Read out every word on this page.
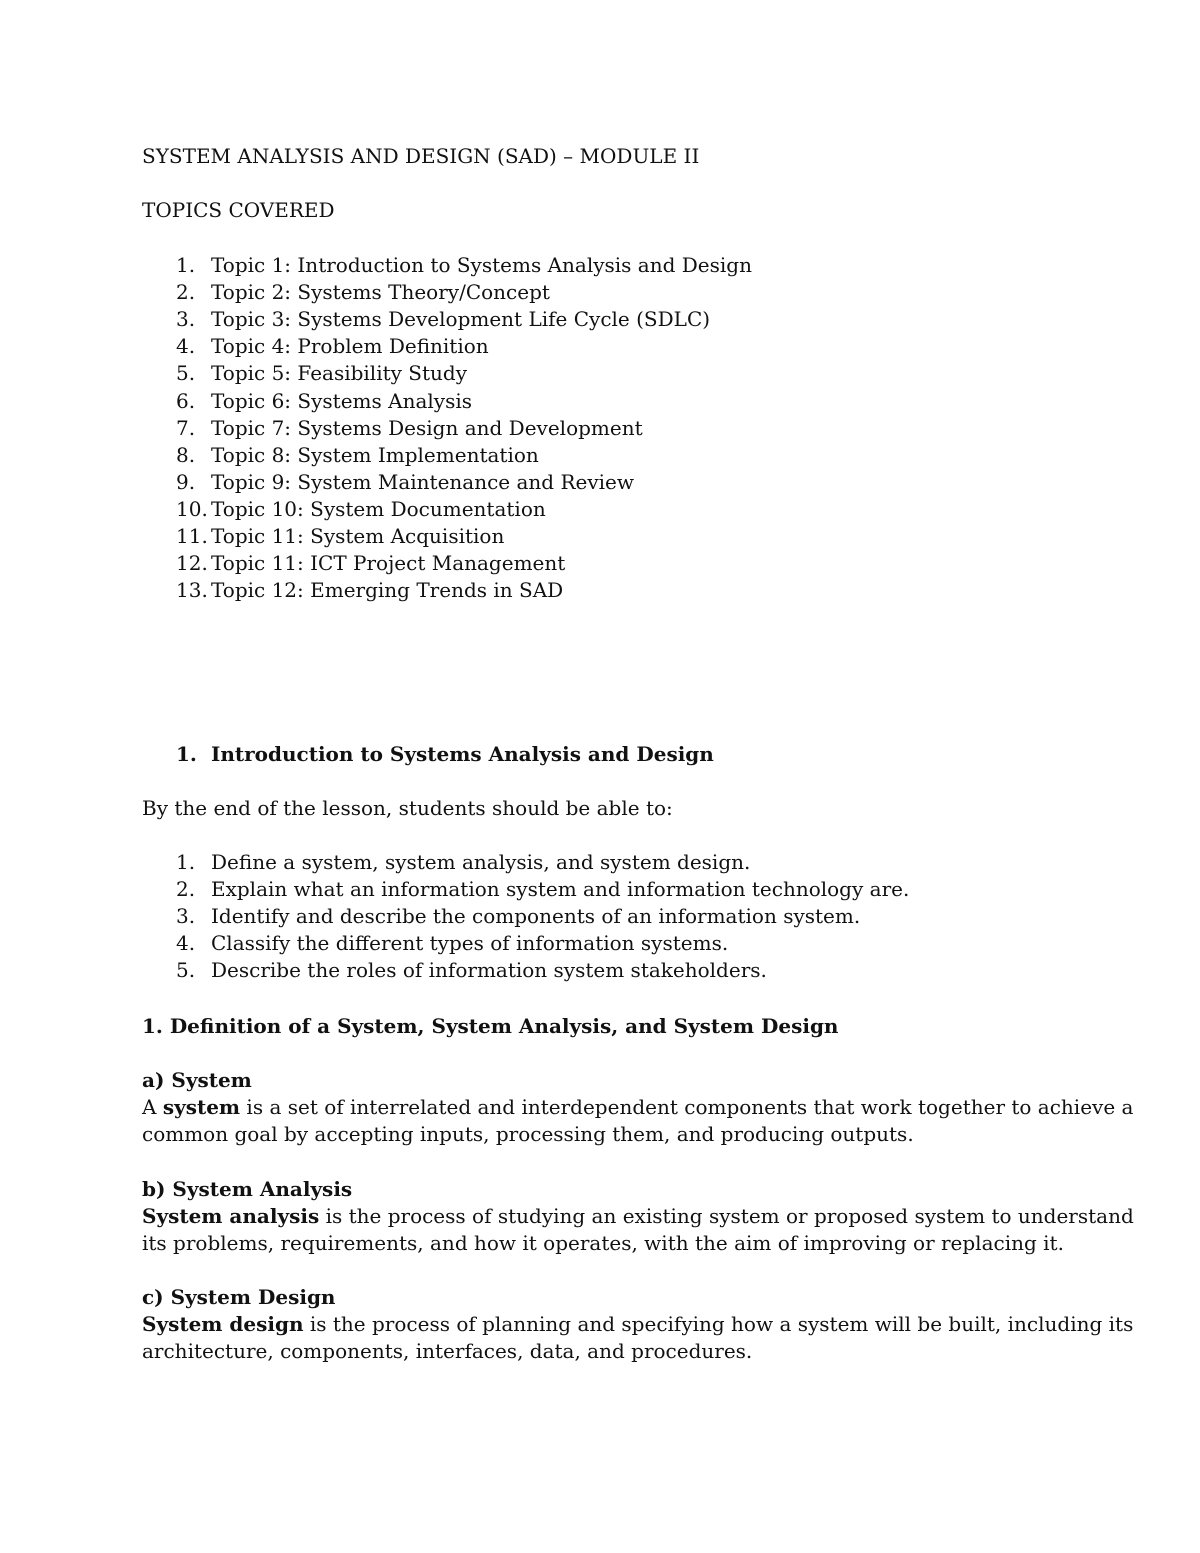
SYSTEM ANALYSIS AND DESIGN (SAD) – MODULE II
TOPICS COVERED
1. Topic 1: Introduction to Systems Analysis and Design
2. Topic 2: Systems Theory/Concept
3. Topic 3: Systems Development Life Cycle (SDLC)
4. Topic 4: Problem Definition
5. Topic 5: Feasibility Study
6. Topic 6: Systems Analysis
7. Topic 7: Systems Design and Development
8. Topic 8: System Implementation
9. Topic 9: System Maintenance and Review
10. Topic 10: System Documentation
11. Topic 11: System Acquisition
12. Topic 11: ICT Project Management
13. Topic 12: Emerging Trends in SAD
1. Introduction to Systems Analysis and Design
By the end of the lesson, students should be able to:
1. Define a system, system analysis, and system design.
2. Explain what an information system and information technology are.
3. Identify and describe the components of an information system.
4. Classify the different types of information systems.
5. Describe the roles of information system stakeholders.
1. Definition of a System, System Analysis, and System Design
a) System
A system is a set of interrelated and interdependent components that work together to achieve a
common goal by accepting inputs, processing them, and producing outputs.
b) System Analysis
System analysis is the process of studying an existing system or proposed system to understand
its problems, requirements, and how it operates, with the aim of improving or replacing it.
c) System Design
System design is the process of planning and specifying how a system will be built, including its
architecture, components, interfaces, data, and procedures.
